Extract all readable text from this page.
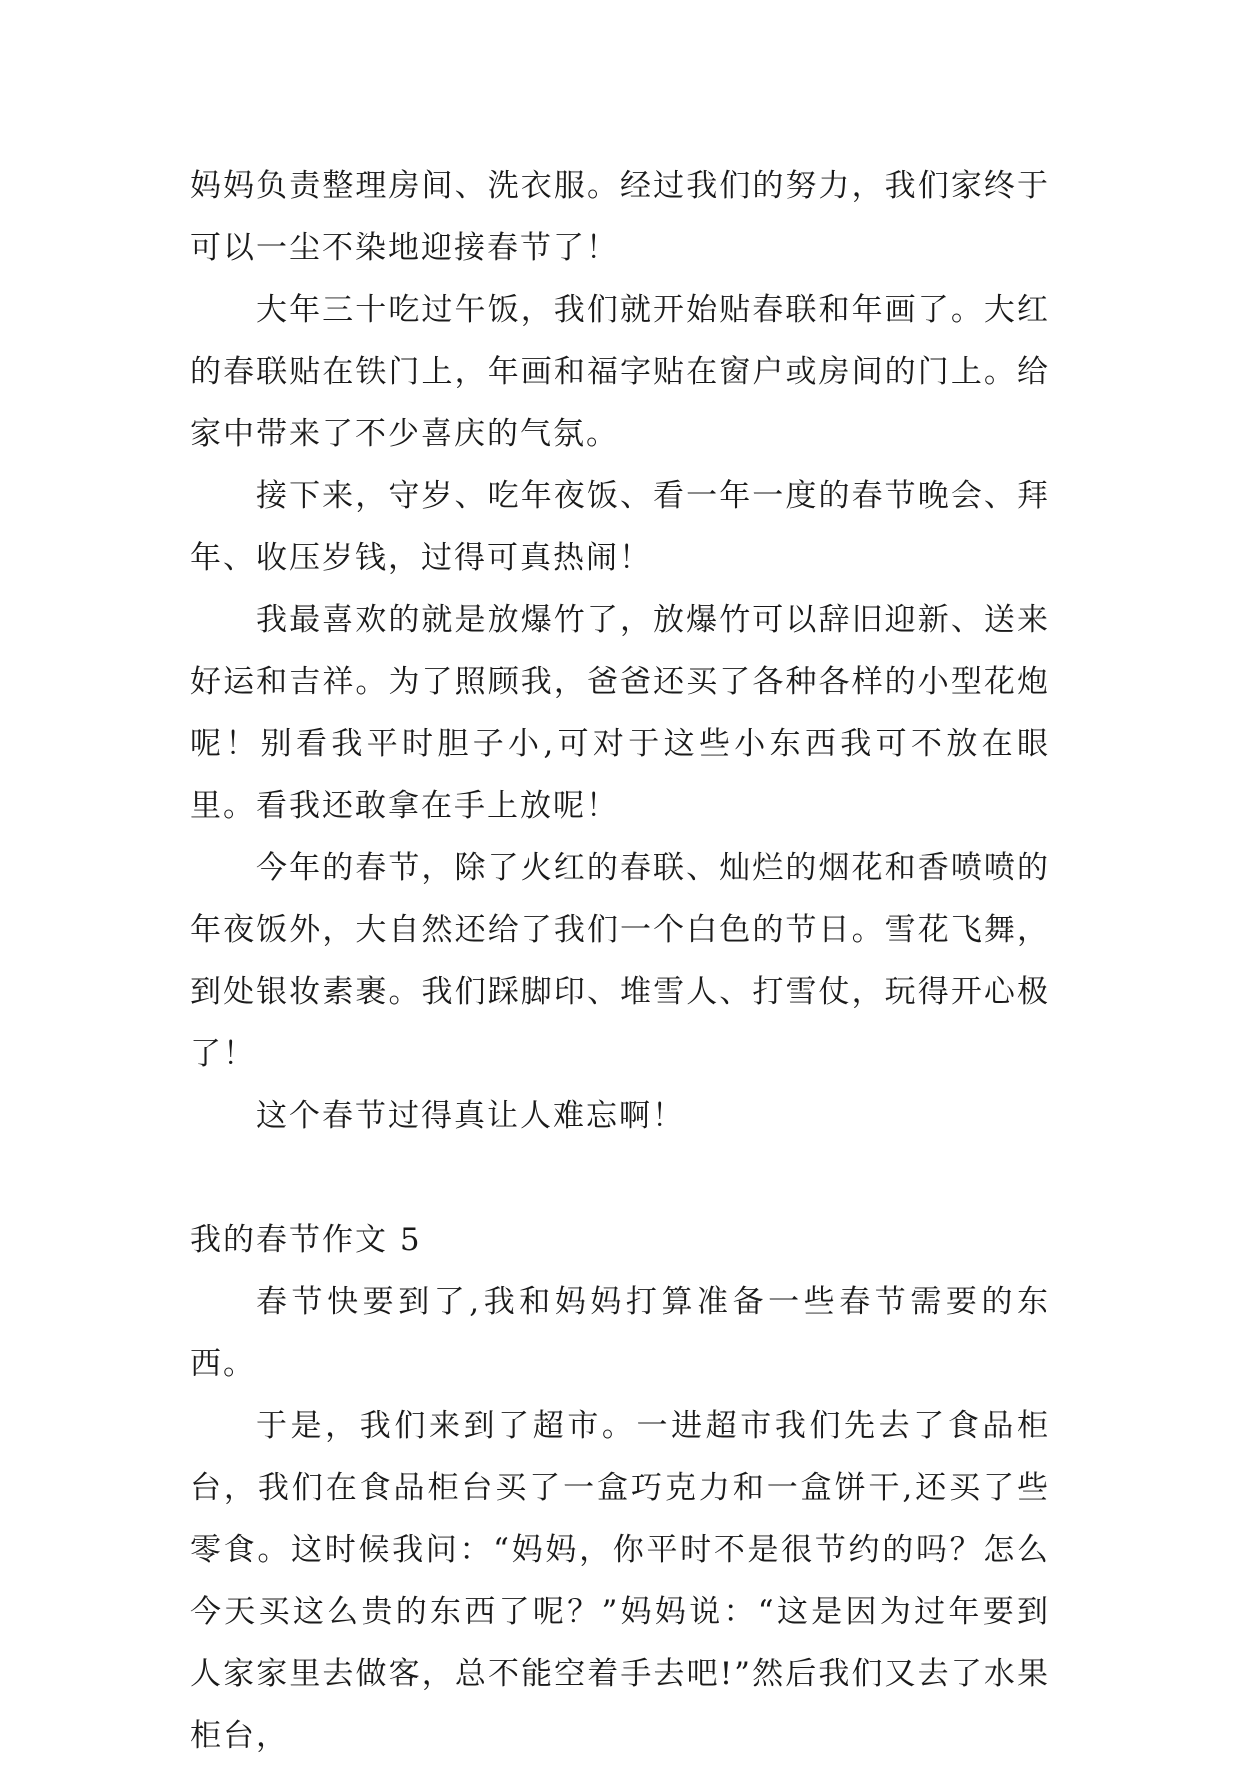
妈妈负责整理房间、洗衣服。经过我们的努力，我们家终于可以一尘不染地迎接春节了！

大年三十吃过午饭，我们就开始贴春联和年画了。大红的春联贴在铁门上，年画和福字贴在窗户或房间的门上。给家中带来了不少喜庆的气氛。

接下来，守岁、吃年夜饭、看一年一度的春节晚会、拜年、收压岁钱，过得可真热闹！

我最喜欢的就是放爆竹了，放爆竹可以辞旧迎新、送来好运和吉祥。为了照顾我，爸爸还买了各种各样的小型花炮呢！别看我平时胆子小,可对于这些小东西我可不放在眼里。看我还敢拿在手上放呢！

今年的春节，除了火红的春联、灿烂的烟花和香喷喷的年夜饭外，大自然还给了我们一个白色的节日。雪花飞舞，到处银妆素裹。我们踩脚印、堆雪人、打雪仗，玩得开心极了！

这个春节过得真让人难忘啊！

我的春节作文 5

春节快要到了,我和妈妈打算准备一些春节需要的东西。

于是，我们来到了超市。一进超市我们先去了食品柜台，我们在食品柜台买了一盒巧克力和一盒饼干,还买了些零食。这时候我问：“妈妈，你平时不是很节约的吗？怎么今天买这么贵的东西了呢？”妈妈说：“这是因为过年要到人家家里去做客，总不能空着手去吧!”然后我们又去了水果柜台，
